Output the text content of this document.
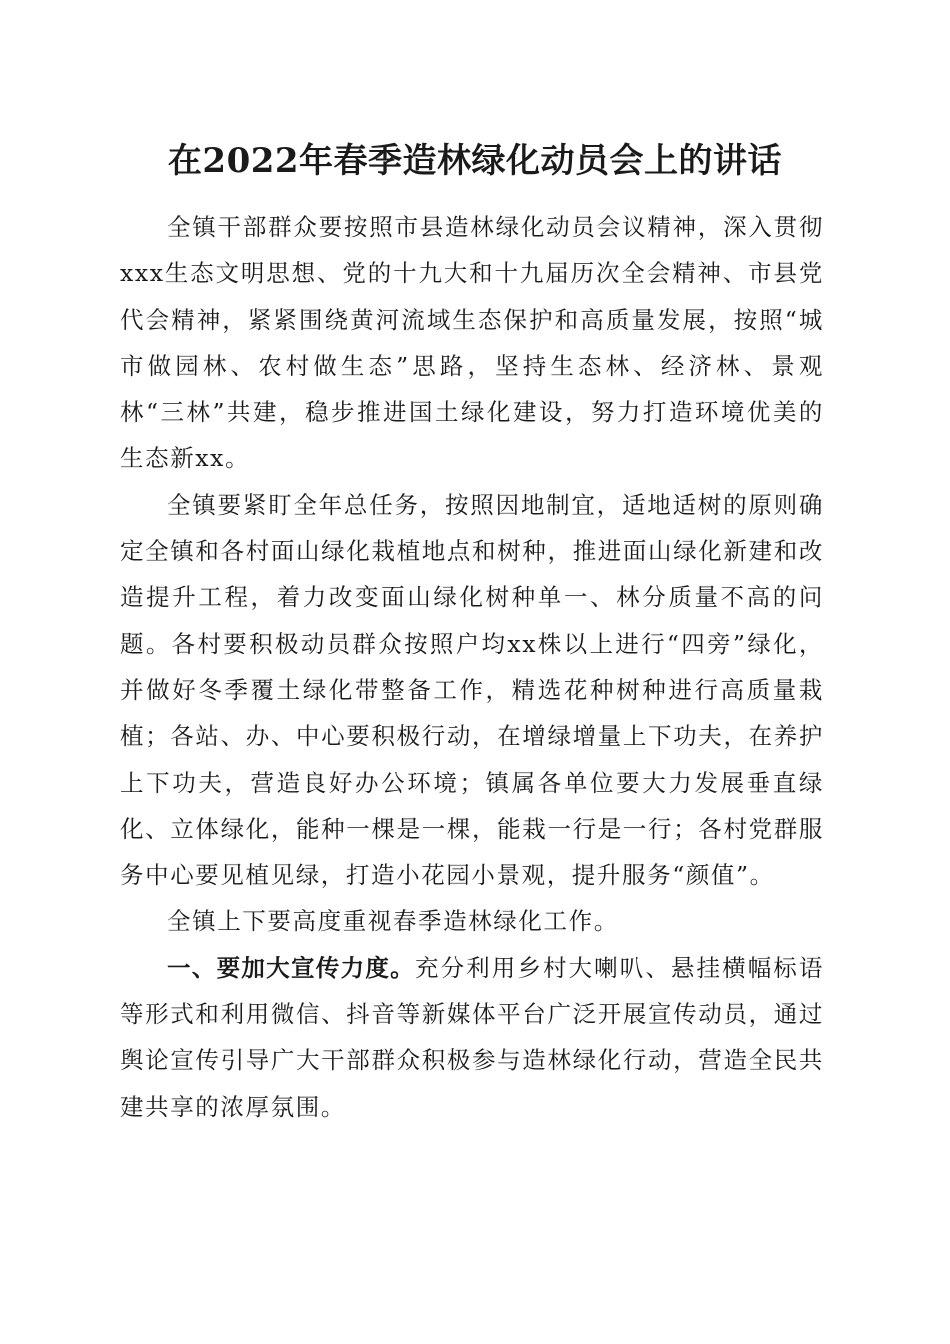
在2022年春季造林绿化动员会上的讲话

全镇干部群众要按照市县造林绿化动员会议精神，深入贯彻xxx生态文明思想、党的十九大和十九届历次全会精神、市县党代会精神，紧紧围绕黄河流域生态保护和高质量发展，按照“城市做园林、农村做生态”思路，坚持生态林、经济林、景观林“三林”共建，稳步推进国土绿化建设，努力打造环境优美的生态新xx。

全镇要紧盯全年总任务，按照因地制宜，适地适树的原则确定全镇和各村面山绿化栽植地点和树种，推进面山绿化新建和改造提升工程，着力改变面山绿化树种单一、林分质量不高的问题。各村要积极动员群众按照户均xx株以上进行“四旁”绿化，并做好冬季覆土绿化带整备工作，精选花种树种进行高质量栽植；各站、办、中心要积极行动，在增绿增量上下功夫，在养护上下功夫，营造良好办公环境；镇属各单位要大力发展垂直绿化、立体绿化，能种一棵是一棵，能栽一行是一行；各村党群服务中心要见植见绿，打造小花园小景观，提升服务“颜值”。

全镇上下要高度重视春季造林绿化工作。

一、要加大宣传力度。充分利用乡村大喇叭、悬挂横幅标语等形式和利用微信、抖音等新媒体平台广泛开展宣传动员，通过舆论宣传引导广大干部群众积极参与造林绿化行动，营造全民共建共享的浓厚氛围。
